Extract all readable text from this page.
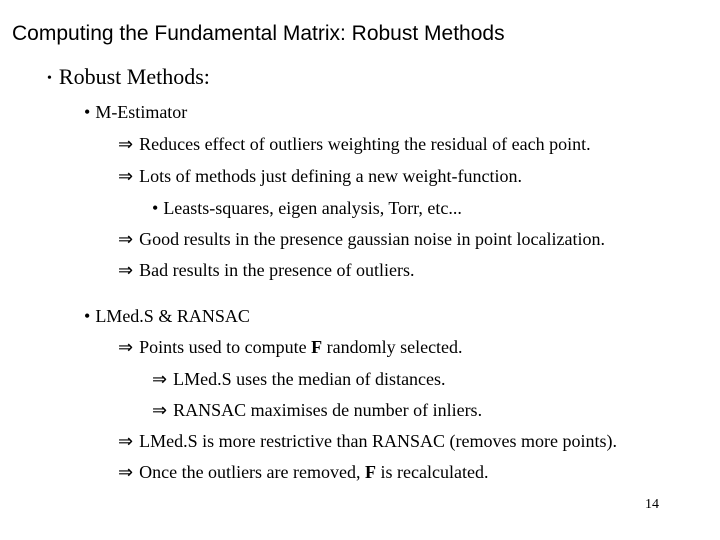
Computing the Fundamental Matrix: Robust Methods
• Robust Methods:
• M-Estimator
⇒ Reduces effect of outliers weighting the residual of each point.
⇒ Lots of methods just defining a new weight-function.
• Leasts-squares, eigen analysis, Torr, etc...
⇒ Good results in the presence gaussian noise in point localization.
⇒ Bad results in the presence of outliers.
• LMed.S & RANSAC
⇒ Points used to compute F randomly selected.
⇒ LMed.S uses the median of distances.
⇒ RANSAC maximises de number of inliers.
⇒ LMed.S is more restrictive than RANSAC (removes more points).
⇒ Once the outliers are removed, F is recalculated.
14
